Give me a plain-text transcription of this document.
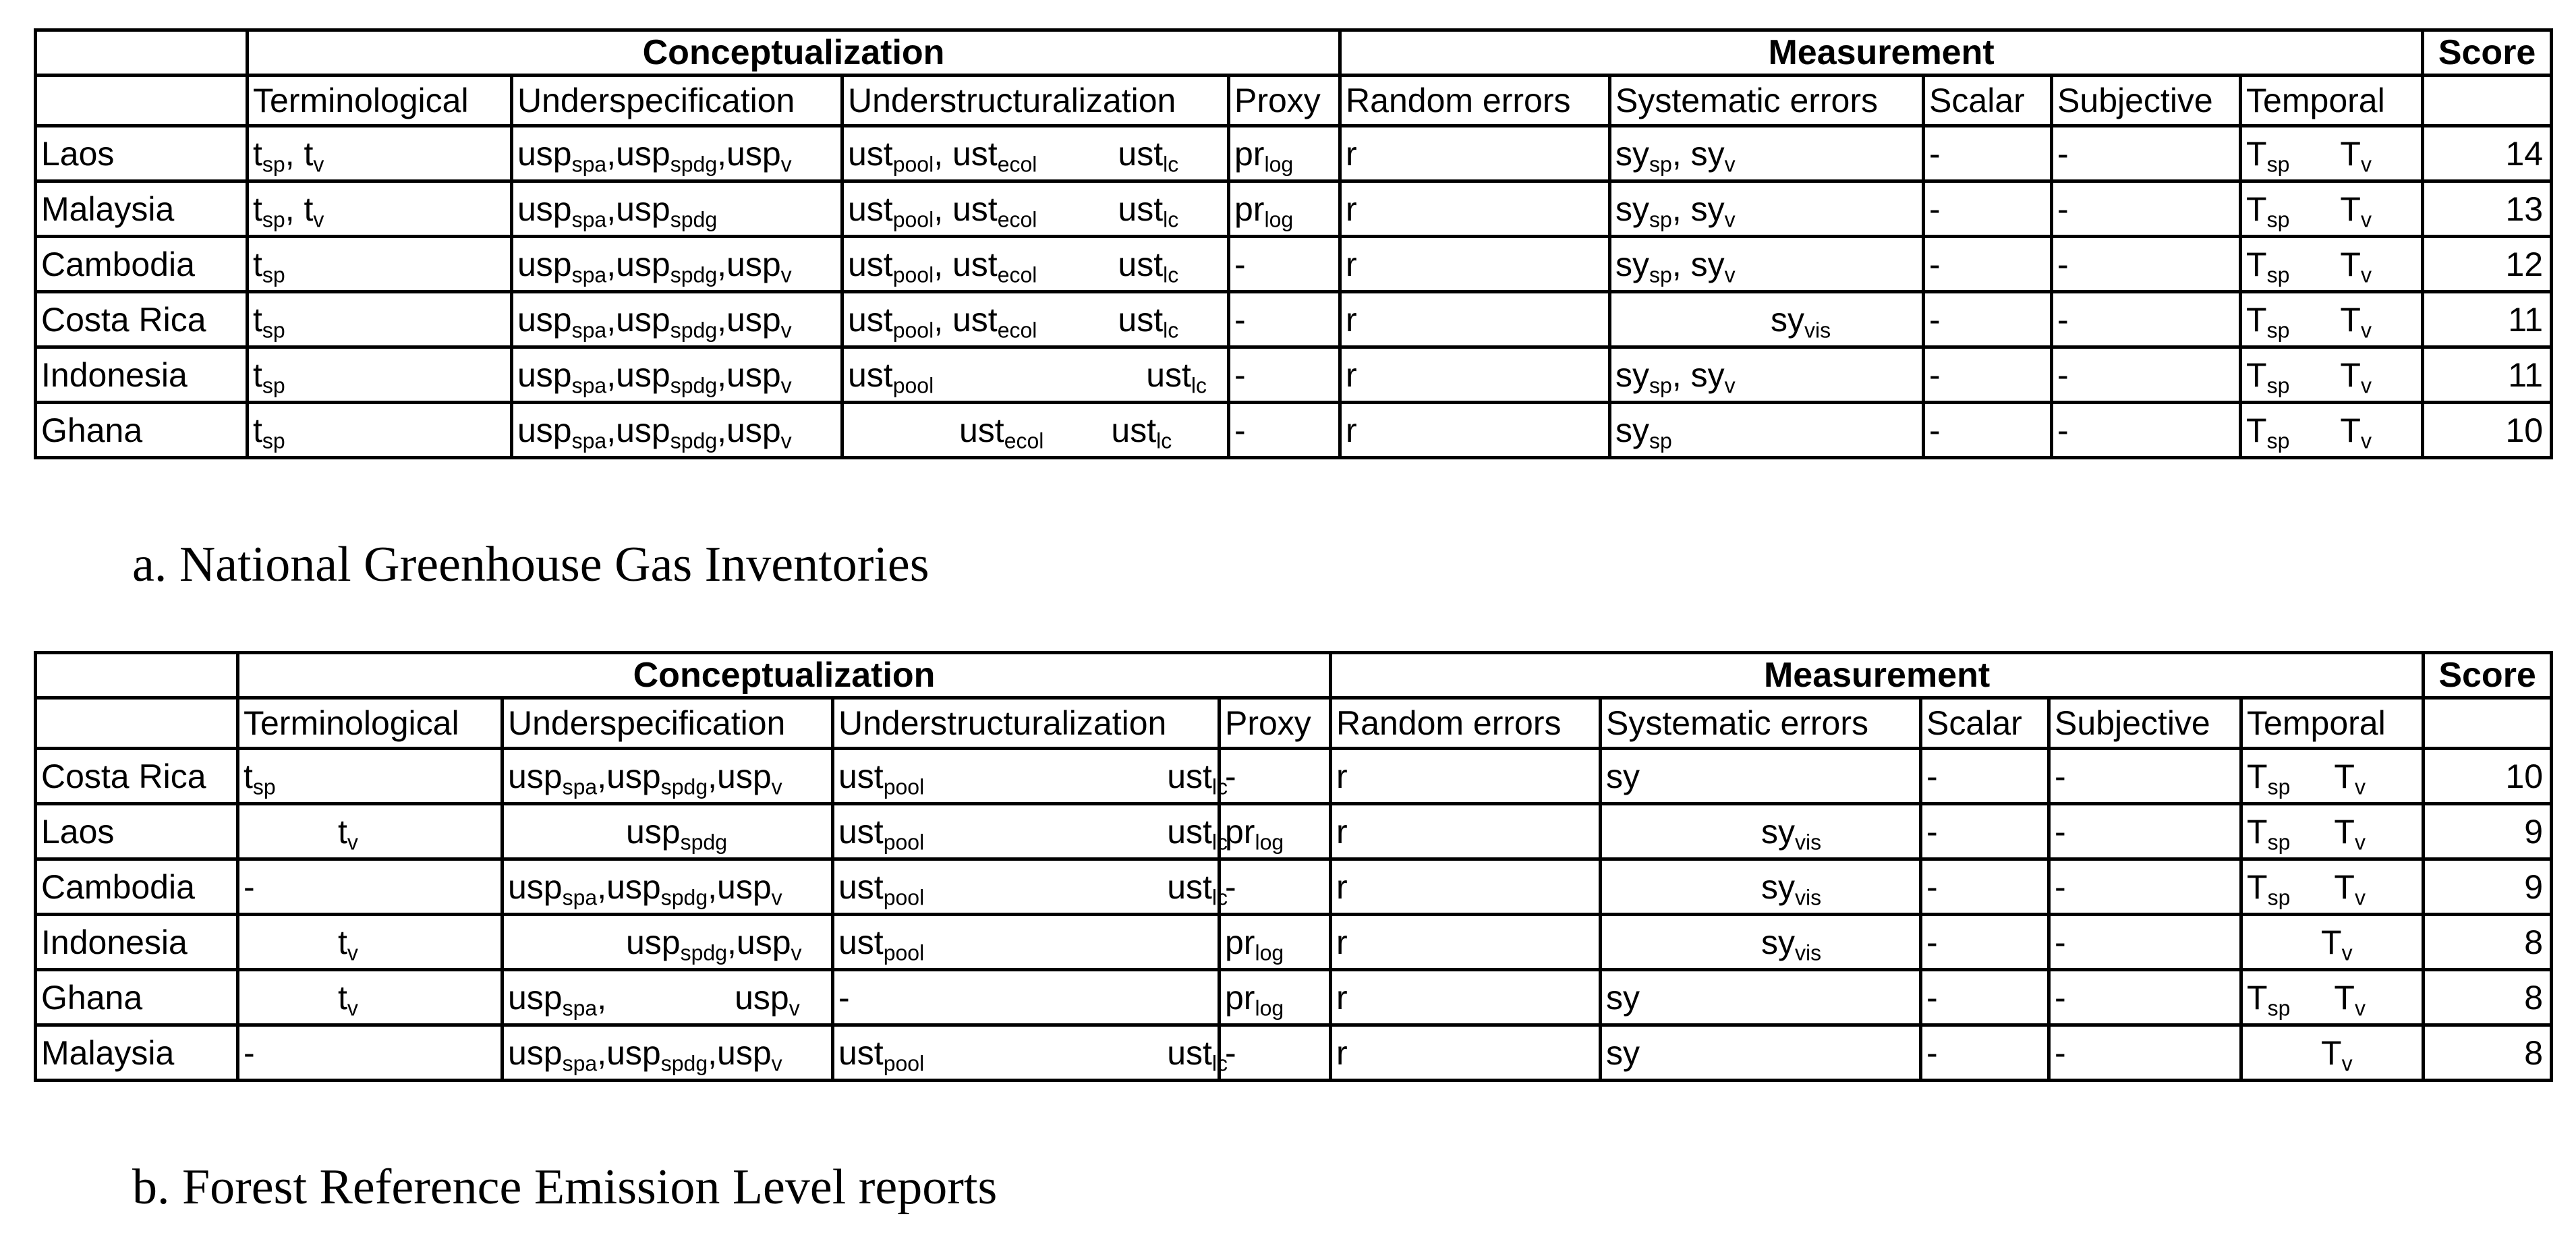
	Conceptualization				Measurement					Score
	Terminological	Underspecification	Understructuralization	Proxy	Random errors	Systematic errors	Scalar	Subjective	Temporal	
Laos	$t_{sp}$, $t_v$	usp$_{spa}$,usp$_{spdg}$,usp$_v$	ust$_{pool}$, ust$_{ecol}$ ust$_{lc}$	$pr_{log}$	r	$sy_{sp}$, $sy_v$	-	-	$T_{sp}$ $T_v$	14
Malaysia	$t_{sp}$, $t_v$	usp$_{spa}$,usp$_{spdg}$	ust$_{pool}$, ust$_{ecol}$ ust$_{lc}$	$pr_{log}$	r	$sy_{sp}$, $sy_v$	-	-	$T_{sp}$ $T_v$	13
Cambodia	$t_{sp}$	usp$_{spa}$,usp$_{spdg}$,usp$_v$	ust$_{pool}$, ust$_{ecol}$ ust$_{lc}$	-	r	$sy_{sp}$, $sy_v$	-	-	$T_{sp}$ $T_v$	12
Costa Rica	$t_{sp}$	usp$_{spa}$,usp$_{spdg}$,usp$_v$	ust$_{pool}$, ust$_{ecol}$ ust$_{lc}$	-	r	$sy_{vis}$	-	-	$T_{sp}$ $T_v$	11
Indonesia	$t_{sp}$	usp$_{spa}$,usp$_{spdg}$,usp$_v$	ust$_{pool}$ ust$_{lc}$	-	r	$sy_{sp}$, $sy_v$	-	-	$T_{sp}$ $T_v$	11
Ghana	$t_{sp}$	usp$_{spa}$,usp$_{spdg}$,usp$_v$	ust$_{ecol}$ ust$_{lc}$	-	r	$sy_{sp}$	-	-	$T_{sp}$ $T_v$	10
a. National Greenhouse Gas Inventories
	Conceptualization				Measurement					Score
	Terminological	Underspecification	Understructuralization	Proxy	Random errors	Systematic errors	Scalar	Subjective	Temporal	
Costa Rica	$t_{sp}$	usp$_{spa}$,usp$_{spdg}$,usp$_v$	ust$_{pool}$ ust$_{lc}$	-	r	sy	-	-	$T_{sp}$ $T_v$	10
Laos	$t_v$	usp$_{spdg}$	ust$_{pool}$ ust$_{lc}$	$pr_{log}$	r	$sy_{vis}$	-	-	$T_{sp}$ $T_v$	9
Cambodia	-	usp$_{spa}$,usp$_{spdg}$,usp$_v$	ust$_{pool}$ ust$_{lc}$	-	r	$sy_{vis}$	-	-	$T_{sp}$ $T_v$	9
Indonesia	$t_v$	usp$_{spdg}$,usp$_v$	ust$_{pool}$	$pr_{log}$	r	$sy_{vis}$	-	-	$T_v$	8
Ghana	$t_v$	usp$_{spa}$, usp$_v$	-	$pr_{log}$	r	sy	-	-	$T_{sp}$ $T_v$	8
Malaysia	-	usp$_{spa}$,usp$_{spdg}$,usp$_v$	ust$_{pool}$ ust$_{lc}$	-	r	sy	-	-	$T_v$	8
b. Forest Reference Emission Level reports
